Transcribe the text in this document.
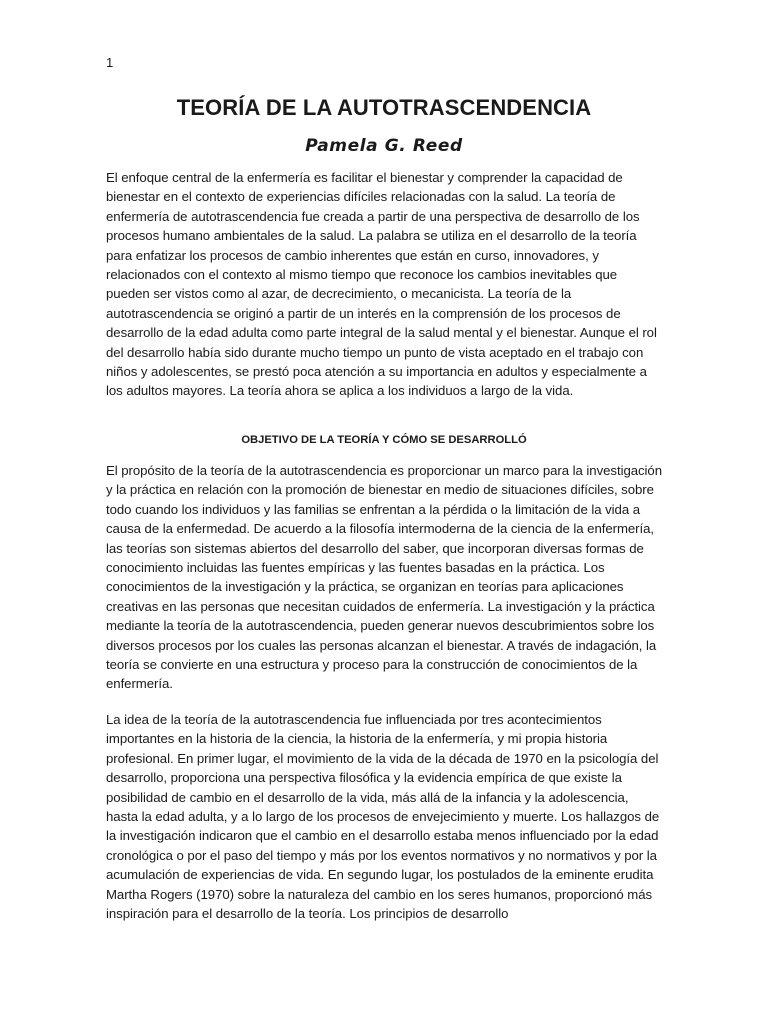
1
TEORÍA DE LA AUTOTRASCENDENCIA
Pamela G. Reed

El enfoque central de la enfermería es facilitar el bienestar y comprender la capacidad de bienestar en el contexto de experiencias difíciles relacionadas con la salud. La teoría de enfermería de autotrascendencia fue creada a partir de una perspectiva de desarrollo de los procesos humano ambientales de la salud. La palabra se utiliza en el desarrollo de la teoría para enfatizar los procesos de cambio inherentes que están en curso, innovadores, y relacionados con el contexto al mismo tiempo que reconoce los cambios inevitables que pueden ser vistos como al azar, de decrecimiento, o mecanicista. La teoría de la autotrascendencia se originó a partir de un interés en la comprensión de los procesos de desarrollo de la edad adulta como parte integral de la salud mental y el bienestar. Aunque el rol del desarrollo había sido durante mucho tiempo un punto de vista aceptado en el trabajo con niños y adolescentes, se prestó poca atención a su importancia en adultos y especialmente a los adultos mayores. La teoría ahora se aplica a los individuos a largo de la vida.

OBJETIVO DE LA TEORÍA Y CÓMO SE DESARROLLÓ

El propósito de la teoría de la autotrascendencia es proporcionar un marco para la investigación y la práctica en relación con la promoción de bienestar en medio de situaciones difíciles, sobre todo cuando los individuos y las familias se enfrentan a la pérdida o la limitación de la vida a causa de la enfermedad. De acuerdo a la filosofía intermoderna de la ciencia de la enfermería, las teorías son sistemas abiertos del desarrollo del saber, que incorporan diversas formas de conocimiento incluidas las fuentes empíricas y las fuentes basadas en la práctica. Los conocimientos de la investigación y la práctica, se organizan en teorías para aplicaciones creativas en las personas que necesitan cuidados de enfermería. La investigación y la práctica mediante la teoría de la autotrascendencia, pueden generar nuevos descubrimientos sobre los diversos procesos por los cuales las personas alcanzan el bienestar. A través de indagación, la teoría se convierte en una estructura y proceso para la construcción de conocimientos de la enfermería.

La idea de la teoría de la autotrascendencia fue influenciada por tres acontecimientos importantes en la historia de la ciencia, la historia de la enfermería, y mi propia historia profesional. En primer lugar, el movimiento de la vida de la década de 1970 en la psicología del desarrollo, proporciona una perspectiva filosófica y la evidencia empírica de que existe la posibilidad de cambio en el desarrollo de la vida, más allá de la infancia y la adolescencia, hasta la edad adulta, y a lo largo de los procesos de envejecimiento y muerte. Los hallazgos de la investigación indicaron que el cambio en el desarrollo estaba menos influenciado por la edad cronológica o por el paso del tiempo y más por los eventos normativos y no normativos y por la acumulación de experiencias de vida. En segundo lugar, los postulados de la eminente erudita Martha Rogers (1970) sobre la naturaleza del cambio en los seres humanos, proporcionó más inspiración para el desarrollo de la teoría. Los principios de desarrollo
